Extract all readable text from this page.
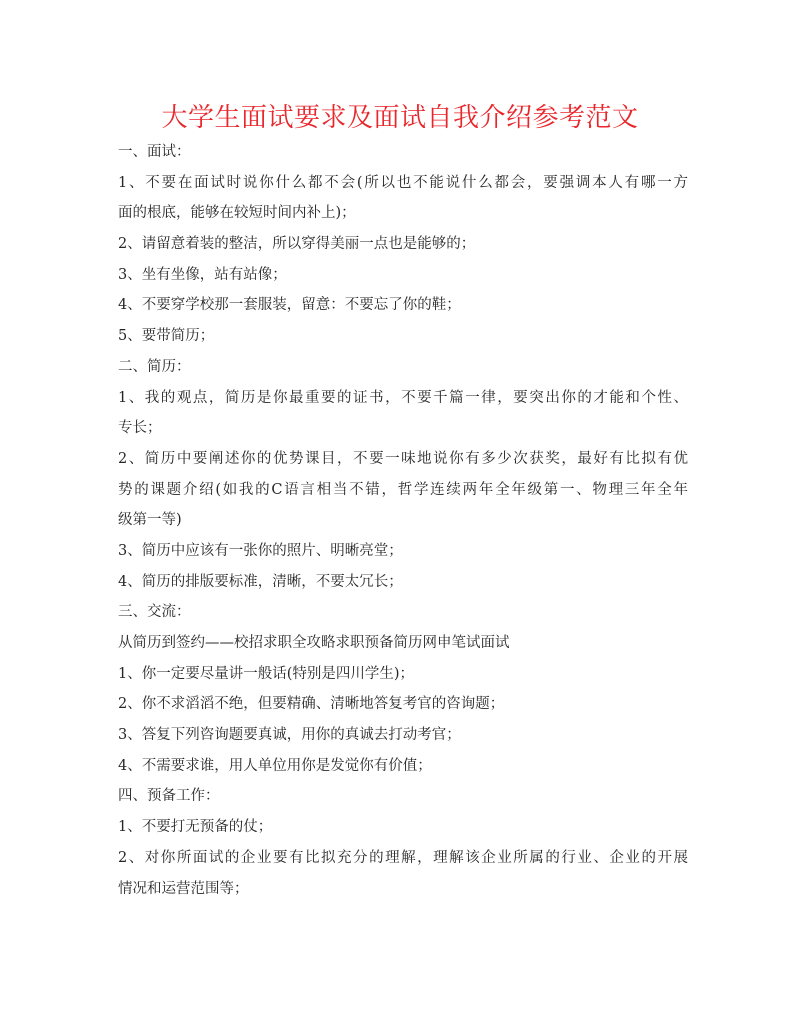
大学生面试要求及面试自我介绍参考范文
一、面试：
1、不要在面试时说你什么都不会(所以也不能说什么都会，要强调本人有哪一方
面的根底，能够在较短时间内补上)；
2、请留意着装的整洁，所以穿得美丽一点也是能够的；
3、坐有坐像，站有站像；
4、不要穿学校那一套服装，留意：不要忘了你的鞋；
5、要带简历；
二、简历：
1、我的观点，简历是你最重要的证书，不要千篇一律，要突出你的才能和个性、
专长；
2、简历中要阐述你的优势课目，不要一味地说你有多少次获奖，最好有比拟有优
势的课题介绍(如我的C语言相当不错，哲学连续两年全年级第一、物理三年全年
级第一等)
3、简历中应该有一张你的照片、明晰亮堂；
4、简历的排版要标准，清晰，不要太冗长；
三、交流：
从简历到签约——校招求职全攻略求职预备简历网申笔试面试
1、你一定要尽量讲一般话(特别是四川学生)；
2、你不求滔滔不绝，但要精确、清晰地答复考官的咨询题；
3、答复下列咨询题要真诚，用你的真诚去打动考官；
4、不需要求谁，用人单位用你是发觉你有价值；
四、预备工作：
1、不要打无预备的仗；
2、对你所面试的企业要有比拟充分的理解，理解该企业所属的行业、企业的开展
情况和运营范围等；
